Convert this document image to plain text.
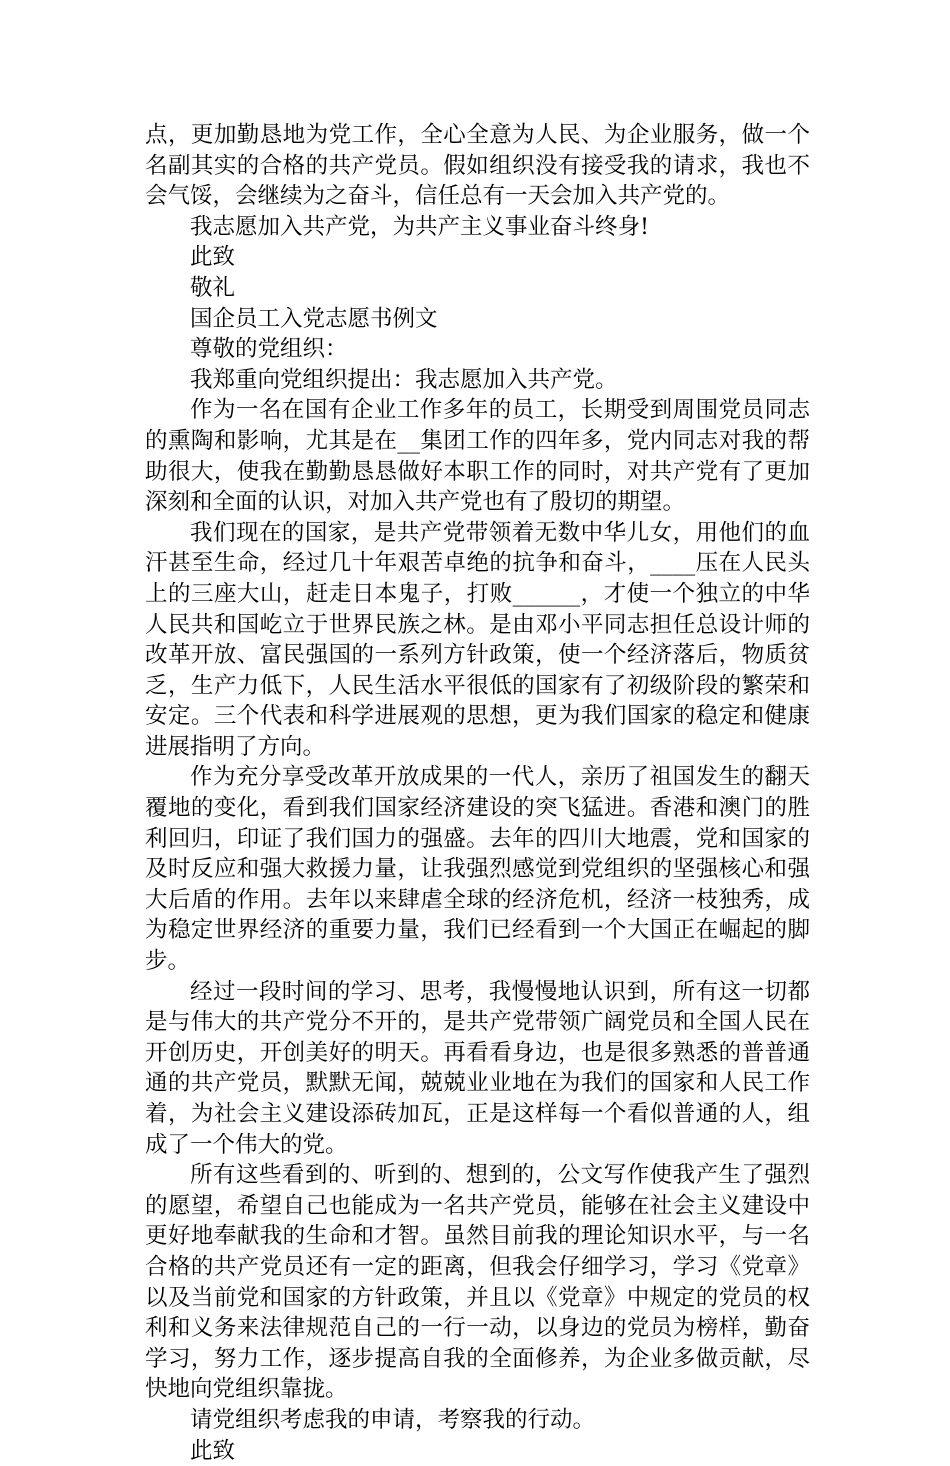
点，更加勤恳地为党工作，全心全意为人民、为企业服务，做一个名副其实的合格的共产党员。假如组织没有接受我的请求，我也不会气馁，会继续为之奋斗，信任总有一天会加入共产党的。

我志愿加入共产党，为共产主义事业奋斗终身!

此致

敬礼

国企员工入党志愿书例文

尊敬的党组织：

我郑重向党组织提出：我志愿加入共产党。

作为一名在国有企业工作多年的员工，长期受到周围党员同志的熏陶和影响，尤其是在__集团工作的四年多，党内同志对我的帮助很大，使我在勤勤恳恳做好本职工作的同时，对共产党有了更加深刻和全面的认识，对加入共产党也有了殷切的期望。

我们现在的国家，是共产党带领着无数中华儿女，用他们的血汗甚至生命，经过几十年艰苦卓绝的抗争和奋斗，____压在人民头上的三座大山，赶走日本鬼子，打败______，才使一个独立的中华人民共和国屹立于世界民族之林。是由邓小平同志担任总设计师的改革开放、富民强国的一系列方针政策，使一个经济落后，物质贫乏，生产力低下，人民生活水平很低的国家有了初级阶段的繁荣和安定。三个代表和科学进展观的思想，更为我们国家的稳定和健康进展指明了方向。

作为充分享受改革开放成果的一代人，亲历了祖国发生的翻天覆地的变化，看到我们国家经济建设的突飞猛进。香港和澳门的胜利回归，印证了我们国力的强盛。去年的四川大地震，党和国家的及时反应和强大救援力量，让我强烈感觉到党组织的坚强核心和强大后盾的作用。去年以来肆虐全球的经济危机，经济一枝独秀，成为稳定世界经济的重要力量，我们已经看到一个大国正在崛起的脚步。

经过一段时间的学习、思考，我慢慢地认识到，所有这一切都是与伟大的共产党分不开的，是共产党带领广阔党员和全国人民在开创历史，开创美好的明天。再看看身边，也是很多熟悉的普普通通的共产党员，默默无闻，兢兢业业地在为我们的国家和人民工作着，为社会主义建设添砖加瓦，正是这样每一个看似普通的人，组成了一个伟大的党。

所有这些看到的、听到的、想到的，公文写作使我产生了强烈的愿望，希望自己也能成为一名共产党员，能够在社会主义建设中更好地奉献我的生命和才智。虽然目前我的理论知识水平，与一名合格的共产党员还有一定的距离，但我会仔细学习，学习《党章》以及当前党和国家的方针政策，并且以《党章》中规定的党员的权利和义务来法律规范自己的一行一动，以身边的党员为榜样，勤奋学习，努力工作，逐步提高自我的全面修养，为企业多做贡献，尽快地向党组织靠拢。

请党组织考虑我的申请，考察我的行动。

此致
